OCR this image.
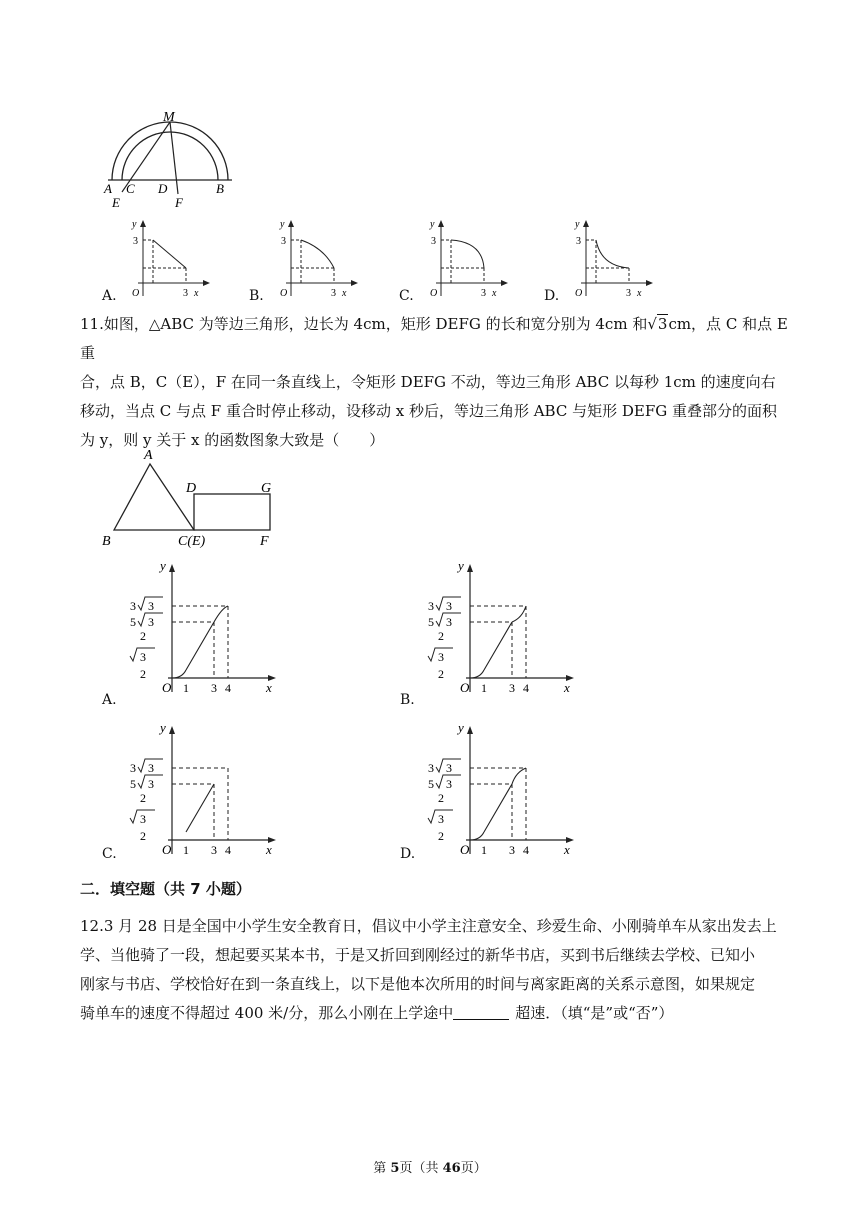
M
A C D	B
E	F
A.
y
3
O	3 x	B.
y
3
O	3 x	C.
y
3
O	3 x	D.
y
3
O	3 x
11.如图，△ABC 为等边三角形，边长为 4cm，矩形 DEFG 的长和宽分别为 4cm 和√3cm，点 C 和点 E 重
合，点 B，C（E），F 在同一条直线上，令矩形 DEFG 不动，等边三角形 ABC 以每秒 1cm 的速度向右
移动，当点 C 与点 F 重合时停止移动，设移动 x 秒后，等边三角形 ABC 与矩形 DEFG 重叠部分的面积
为 y，则 y 关于 x 的函数图象大致是（　　）
A
B	C(E)
D	G
F
A.
y
O 1 3 4	x
3 3
5 3
2
3
2
B.
y
O 1 3 4	x
3 3
5 3
2
3
2
C.
y
O 1 3 4	x
3 3
5 3
2
3
2
D.
y
O 1 3 4	x
3 3
5 3
2
3
2
二．填空题（共 7 小题）
12.3 月 28 日是全国中小学生安全教育日，倡议中小学主注意安全、珍爱生命、小刚骑单车从家出发去上
学、当他骑了一段，想起要买某本书，于是又折回到刚经过的新华书店，买到书后继续去学校、已知小
刚家与书店、学校恰好在到一条直线上，以下是他本次所用的时间与离家距离的关系示意图，如果规定
骑单车的速度不得超过 400 米/分，那么小刚在上学途中	超速．（填“是”或“否”）
第 5页（共 46页）
